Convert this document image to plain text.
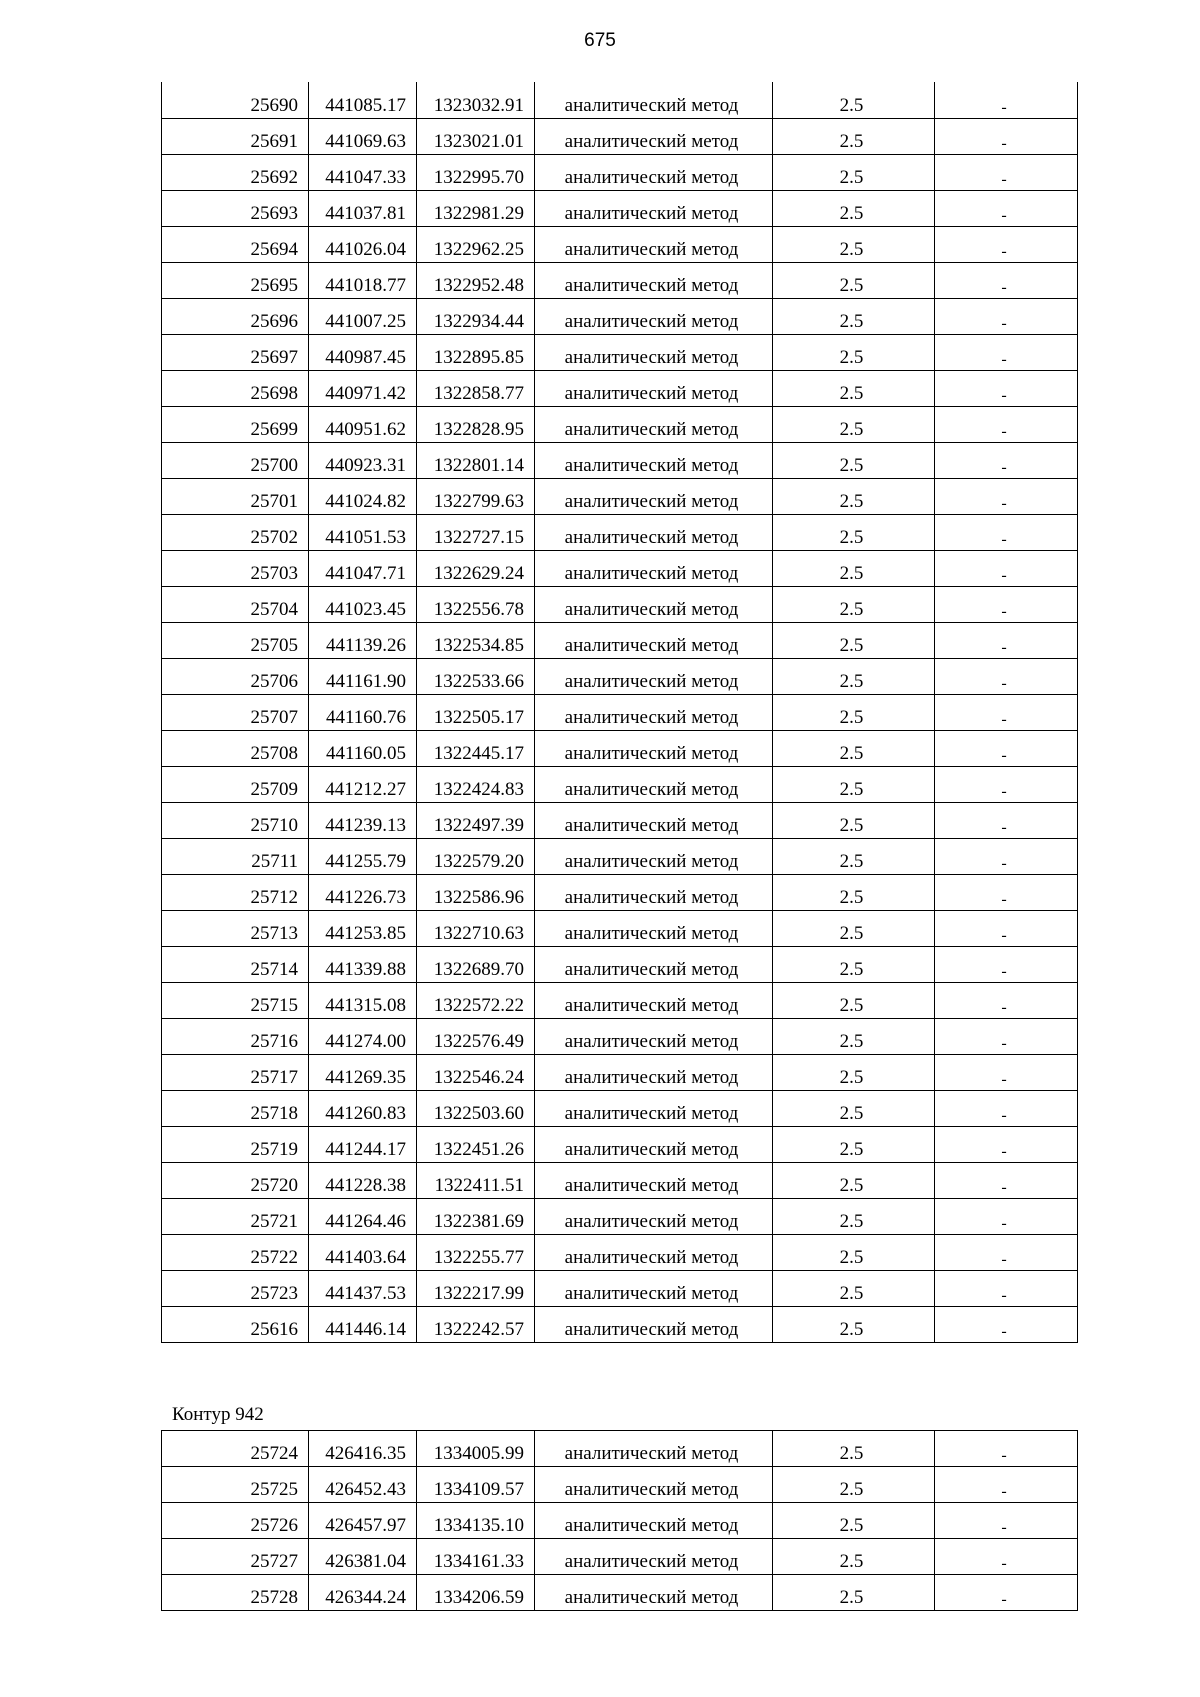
675
25690	441085.17	1323032.91	аналитический метод	2.5	-
25691	441069.63	1323021.01	аналитический метод	2.5	-
25692	441047.33	1322995.70	аналитический метод	2.5	-
25693	441037.81	1322981.29	аналитический метод	2.5	-
25694	441026.04	1322962.25	аналитический метод	2.5	-
25695	441018.77	1322952.48	аналитический метод	2.5	-
25696	441007.25	1322934.44	аналитический метод	2.5	-
25697	440987.45	1322895.85	аналитический метод	2.5	-
25698	440971.42	1322858.77	аналитический метод	2.5	-
25699	440951.62	1322828.95	аналитический метод	2.5	-
25700	440923.31	1322801.14	аналитический метод	2.5	-
25701	441024.82	1322799.63	аналитический метод	2.5	-
25702	441051.53	1322727.15	аналитический метод	2.5	-
25703	441047.71	1322629.24	аналитический метод	2.5	-
25704	441023.45	1322556.78	аналитический метод	2.5	-
25705	441139.26	1322534.85	аналитический метод	2.5	-
25706	441161.90	1322533.66	аналитический метод	2.5	-
25707	441160.76	1322505.17	аналитический метод	2.5	-
25708	441160.05	1322445.17	аналитический метод	2.5	-
25709	441212.27	1322424.83	аналитический метод	2.5	-
25710	441239.13	1322497.39	аналитический метод	2.5	-
25711	441255.79	1322579.20	аналитический метод	2.5	-
25712	441226.73	1322586.96	аналитический метод	2.5	-
25713	441253.85	1322710.63	аналитический метод	2.5	-
25714	441339.88	1322689.70	аналитический метод	2.5	-
25715	441315.08	1322572.22	аналитический метод	2.5	-
25716	441274.00	1322576.49	аналитический метод	2.5	-
25717	441269.35	1322546.24	аналитический метод	2.5	-
25718	441260.83	1322503.60	аналитический метод	2.5	-
25719	441244.17	1322451.26	аналитический метод	2.5	-
25720	441228.38	1322411.51	аналитический метод	2.5	-
25721	441264.46	1322381.69	аналитический метод	2.5	-
25722	441403.64	1322255.77	аналитический метод	2.5	-
25723	441437.53	1322217.99	аналитический метод	2.5	-
25616	441446.14	1322242.57	аналитический метод	2.5	-
Контур 942
25724	426416.35	1334005.99	аналитический метод	2.5	-
25725	426452.43	1334109.57	аналитический метод	2.5	-
25726	426457.97	1334135.10	аналитический метод	2.5	-
25727	426381.04	1334161.33	аналитический метод	2.5	-
25728	426344.24	1334206.59	аналитический метод	2.5	-
